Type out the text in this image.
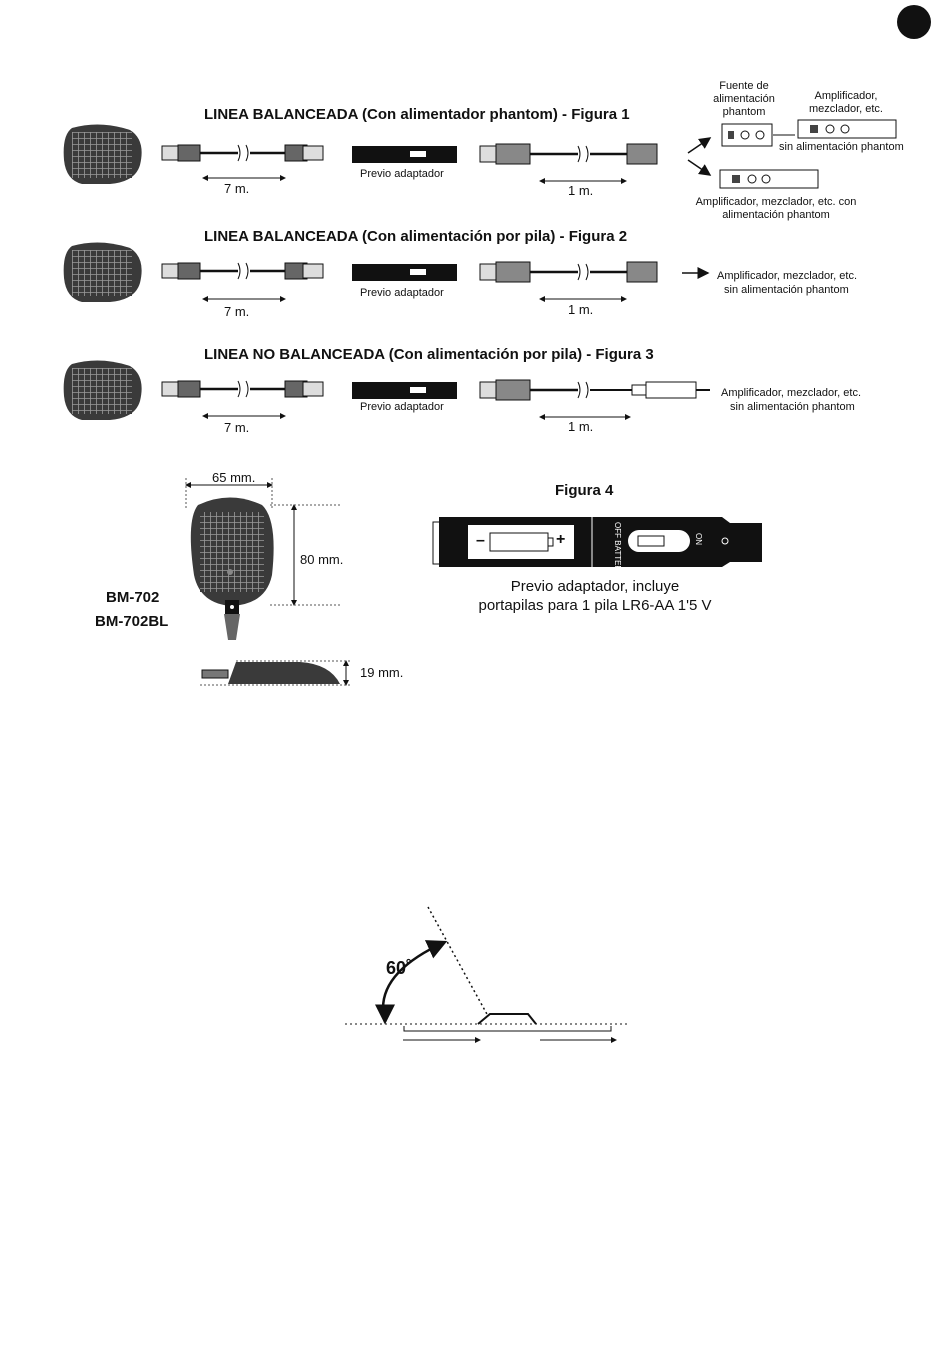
LINEA BALANCEADA (Con alimentador phantom) - Figura 1
7 m.
Previo adaptador
1 m.
Fuente de alimentación phantom
Amplificador, mezclador, etc.
sin alimentación phantom
Amplificador, mezclador, etc. con alimentación phantom
LINEA BALANCEADA (Con alimentación por pila) - Figura 2
7 m.
Previo adaptador
1 m.
Amplificador, mezclador, etc.
sin alimentación phantom
LINEA NO BALANCEADA (Con alimentación por pila) - Figura 3
7 m.
Previo adaptador
1 m.
Amplificador, mezclador, etc.
sin alimentación phantom
65 mm.
80 mm.
19 mm.
BM-702
BM-702BL
Figura 4
–	+
OFF BATTERY
ON
Previo adaptador, incluye
portapilas para 1 pila LR6-AA 1'5 V
60˚
